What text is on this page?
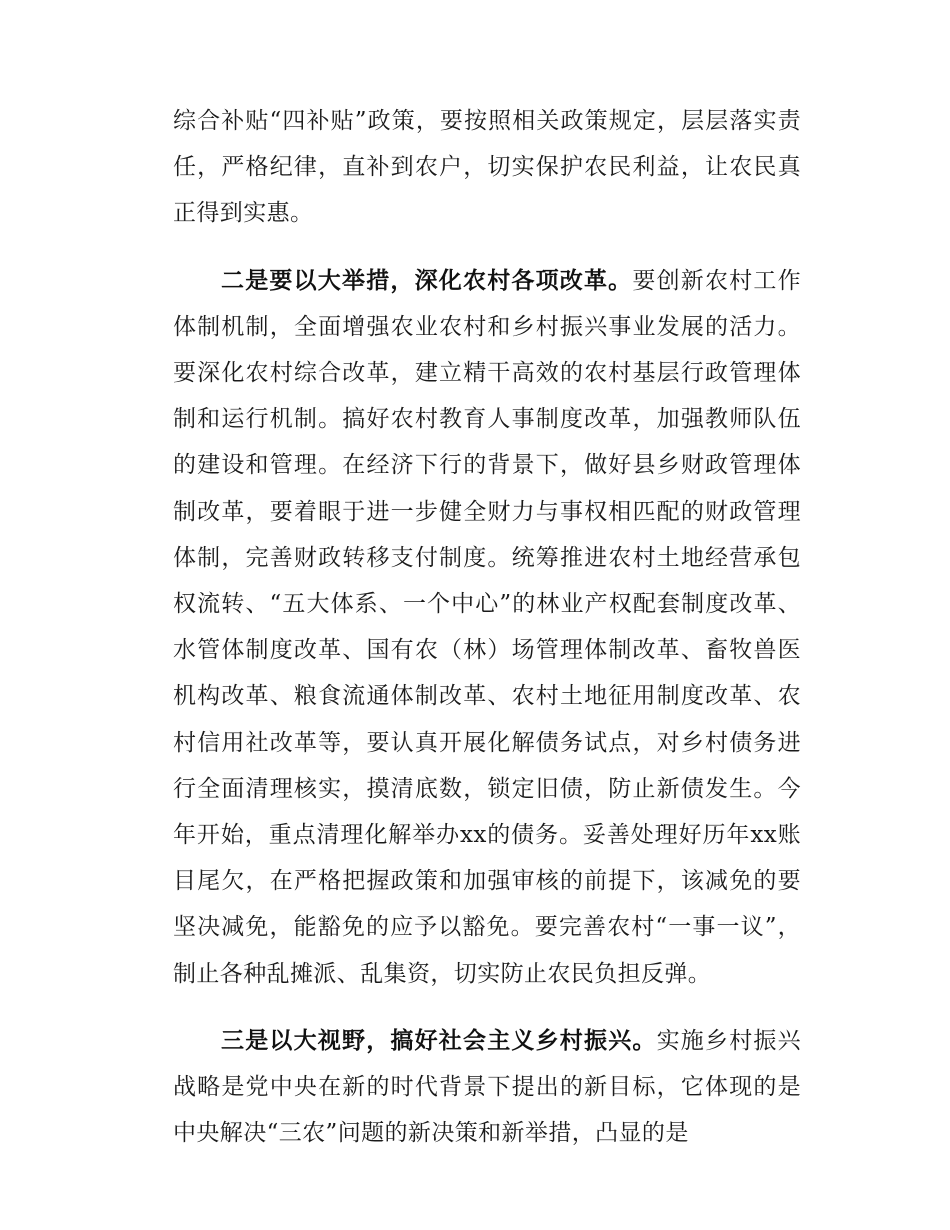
综合补贴“四补贴”政策，要按照相关政策规定，层层落实责任，严格纪律，直补到农户，切实保护农民利益，让农民真正得到实惠。

二是要以大举措，深化农村各项改革。要创新农村工作体制机制，全面增强农业农村和乡村振兴事业发展的活力。要深化农村综合改革，建立精干高效的农村基层行政管理体制和运行机制。搞好农村教育人事制度改革，加强教师队伍的建设和管理。在经济下行的背景下，做好县乡财政管理体制改革，要着眼于进一步健全财力与事权相匹配的财政管理体制，完善财政转移支付制度。统筹推进农村土地经营承包权流转、“五大体系、一个中心”的林业产权配套制度改革、水管体制度改革、国有农（林）场管理体制改革、畜牧兽医机构改革、粮食流通体制改革、农村土地征用制度改革、农村信用社改革等，要认真开展化解债务试点，对乡村债务进行全面清理核实，摸清底数，锁定旧债，防止新债发生。今年开始，重点清理化解举办xx的债务。妥善处理好历年xx账目尾欠，在严格把握政策和加强审核的前提下，该减免的要坚决减免，能豁免的应予以豁免。要完善农村“一事一议”，制止各种乱摊派、乱集资，切实防止农民负担反弹。

三是以大视野，搞好社会主义乡村振兴。实施乡村振兴战略是党中央在新的时代背景下提出的新目标，它体现的是中央解决“三农”问题的新决策和新举措，凸显的是
